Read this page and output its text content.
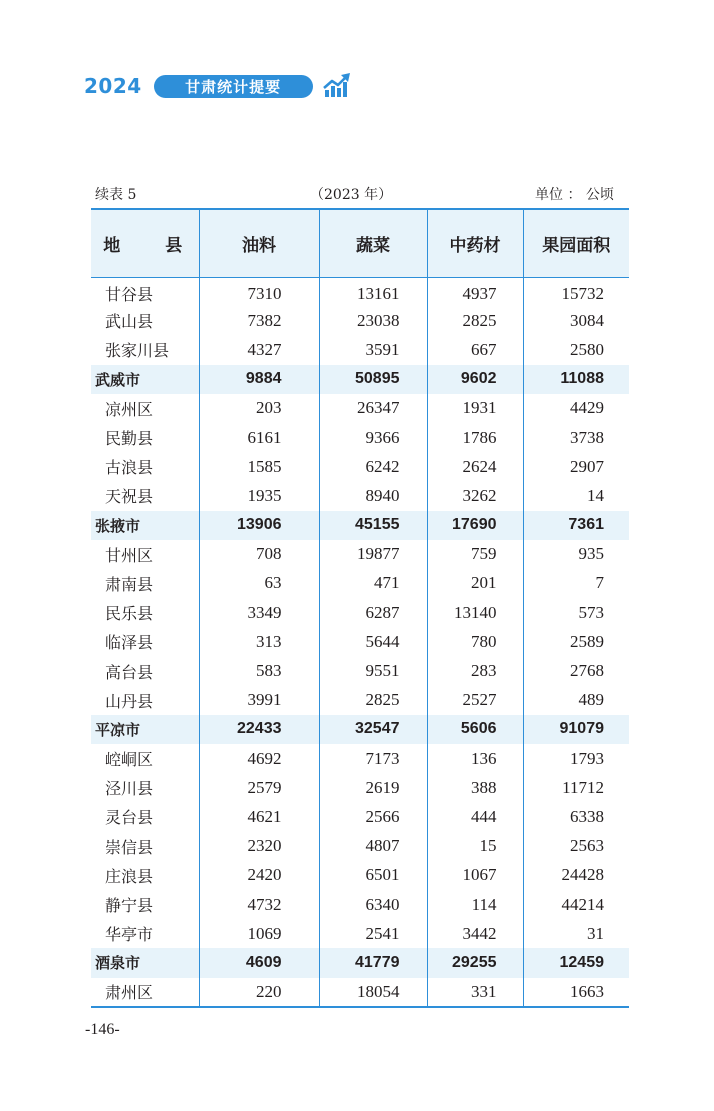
2024	甘肃统计提要
续表 5	（2023 年）	单位 ： 公顷
地　县	油料	蔬菜	中药材	果园面积
甘谷县	7310	13161	4937	15732
武山县	7382	23038	2825	3084
张家川县	4327	3591	667	2580
武威市	9884	50895	9602	11088
凉州区	203	26347	1931	4429
民勤县	6161	9366	1786	3738
古浪县	1585	6242	2624	2907
天祝县	1935	8940	3262	14
张掖市	13906	45155	17690	7361
甘州区	708	19877	759	935
肃南县	63	471	201	7
民乐县	3349	6287	13140	573
临泽县	313	5644	780	2589
高台县	583	9551	283	2768
山丹县	3991	2825	2527	489
平凉市	22433	32547	5606	91079
崆峒区	4692	7173	136	1793
泾川县	2579	2619	388	11712
灵台县	4621	2566	444	6338
崇信县	2320	4807	15	2563
庄浪县	2420	6501	1067	24428
静宁县	4732	6340	114	44214
华亭市	1069	2541	3442	31
酒泉市	4609	41779	29255	12459
肃州区	220	18054	331	1663
-146-
